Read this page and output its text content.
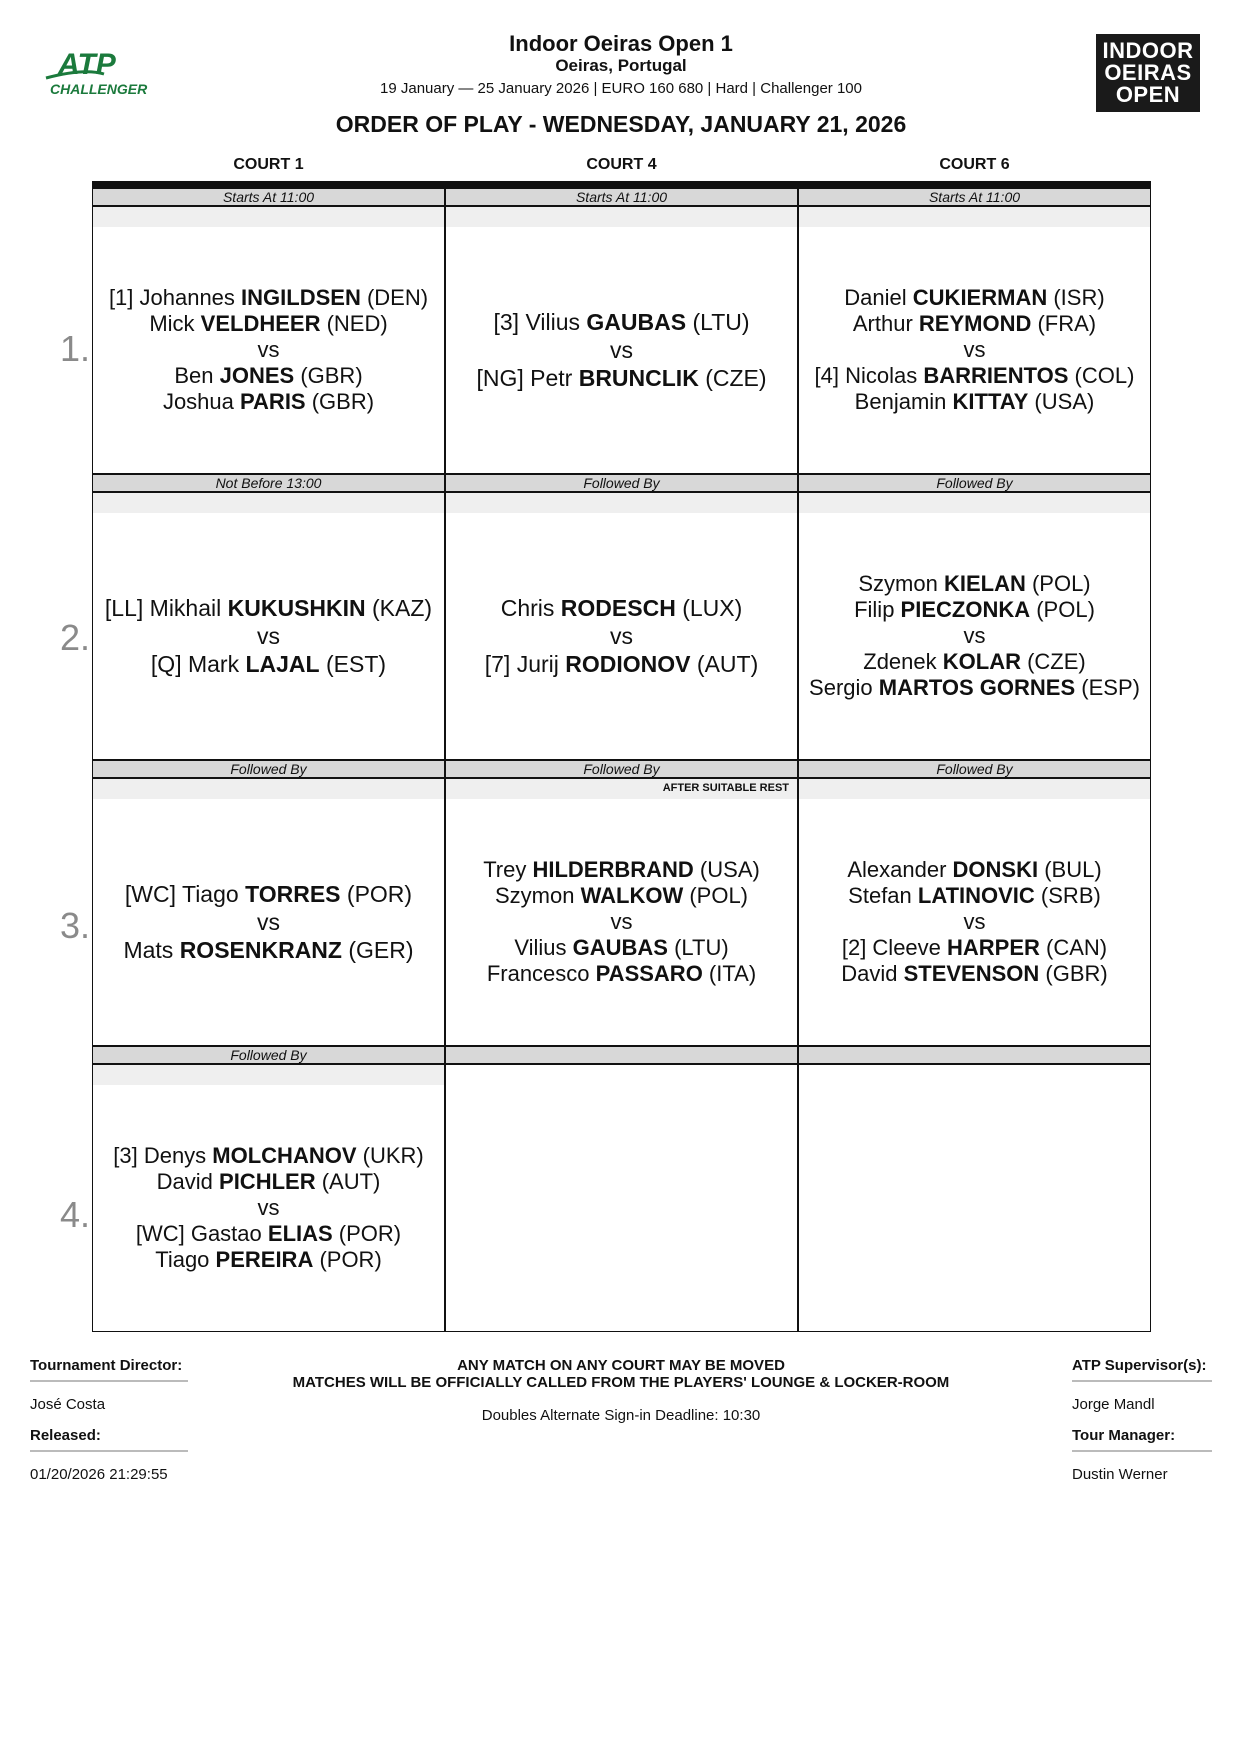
ATP
CHALLENGER
INDOOR
OEIRAS
OPEN
Indoor Oeiras Open 1
Oeiras, Portugal
19 January — 25 January 2026 | EURO 160 680 | Hard | Challenger 100
ORDER OF PLAY - WEDNESDAY, JANUARY 21, 2026
COURT 1	COURT 4	COURT 6
Starts At 11:00
[1] Johannes INGILDSEN (DEN)
Mick VELDHEER (NED)
vs
Ben JONES (GBR)
Joshua PARIS (GBR)
Starts At 11:00
[3] Vilius GAUBAS (LTU)
vs
[NG] Petr BRUNCLIK (CZE)
Starts At 11:00
Daniel CUKIERMAN (ISR)
Arthur REYMOND (FRA)
vs
[4] Nicolas BARRIENTOS (COL)
Benjamin KITTAY (USA)
Not Before 13:00
[LL] Mikhail KUKUSHKIN (KAZ)
vs
[Q] Mark LAJAL (EST)
Followed By
Chris RODESCH (LUX)
vs
[7] Jurij RODIONOV (AUT)
Followed By
Szymon KIELAN (POL)
Filip PIECZONKA (POL)
vs
Zdenek KOLAR (CZE)
Sergio MARTOS GORNES (ESP)
Followed By
[WC] Tiago TORRES (POR)
vs
Mats ROSENKRANZ (GER)
Followed By
AFTER SUITABLE REST
Trey HILDERBRAND (USA)
Szymon WALKOW (POL)
vs
Vilius GAUBAS (LTU)
Francesco PASSARO (ITA)
Followed By
Alexander DONSKI (BUL)
Stefan LATINOVIC (SRB)
vs
[2] Cleeve HARPER (CAN)
David STEVENSON (GBR)
Followed By
[3] Denys MOLCHANOV (UKR)
David PICHLER (AUT)
vs
[WC] Gastao ELIAS (POR)
Tiago PEREIRA (POR)
1.
2.
3.
4.
Tournament Director:
José Costa
Released:
01/20/2026 21:29:55
ANY MATCH ON ANY COURT MAY BE MOVED
MATCHES WILL BE OFFICIALLY CALLED FROM THE PLAYERS' LOUNGE & LOCKER-ROOM
Doubles Alternate Sign-in Deadline: 10:30
ATP Supervisor(s):
Jorge Mandl
Tour Manager:
Dustin Werner
